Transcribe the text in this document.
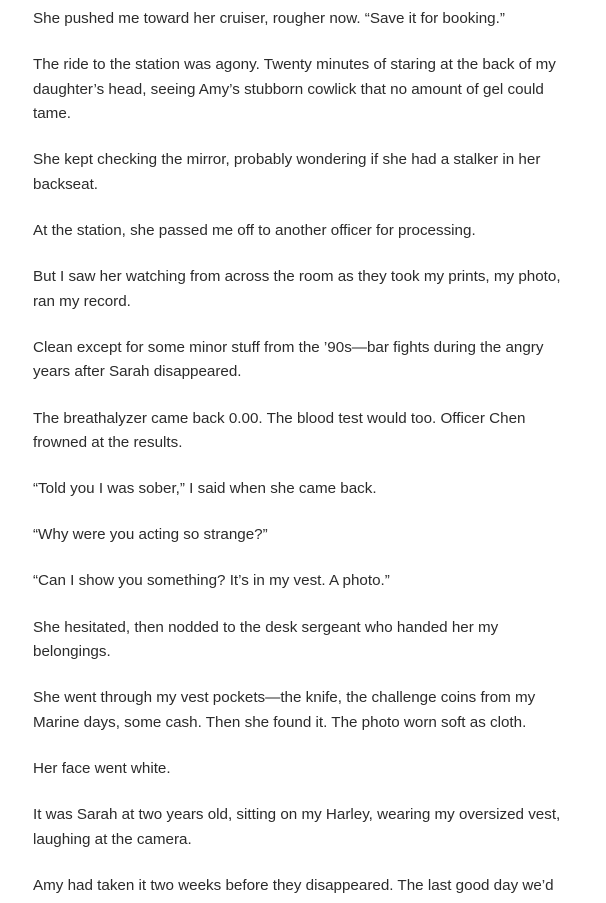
She pushed me toward her cruiser, rougher now. “Save it for booking.”

The ride to the station was agony. Twenty minutes of staring at the back of my daughter’s head, seeing Amy’s stubborn cowlick that no amount of gel could tame.

She kept checking the mirror, probably wondering if she had a stalker in her backseat.

At the station, she passed me off to another officer for processing.

But I saw her watching from across the room as they took my prints, my photo, ran my record.

Clean except for some minor stuff from the ’90s—bar fights during the angry years after Sarah disappeared.

The breathalyzer came back 0.00. The blood test would too. Officer Chen frowned at the results.

“Told you I was sober,” I said when she came back.

“Why were you acting so strange?”

“Can I show you something? It’s in my vest. A photo.”

She hesitated, then nodded to the desk sergeant who handed her my belongings.

She went through my vest pockets—the knife, the challenge coins from my Marine days, some cash. Then she found it. The photo worn soft as cloth.

Her face went white.

It was Sarah at two years old, sitting on my Harley, wearing my oversized vest, laughing at the camera.

Amy had taken it two weeks before they disappeared. The last good day we’d
